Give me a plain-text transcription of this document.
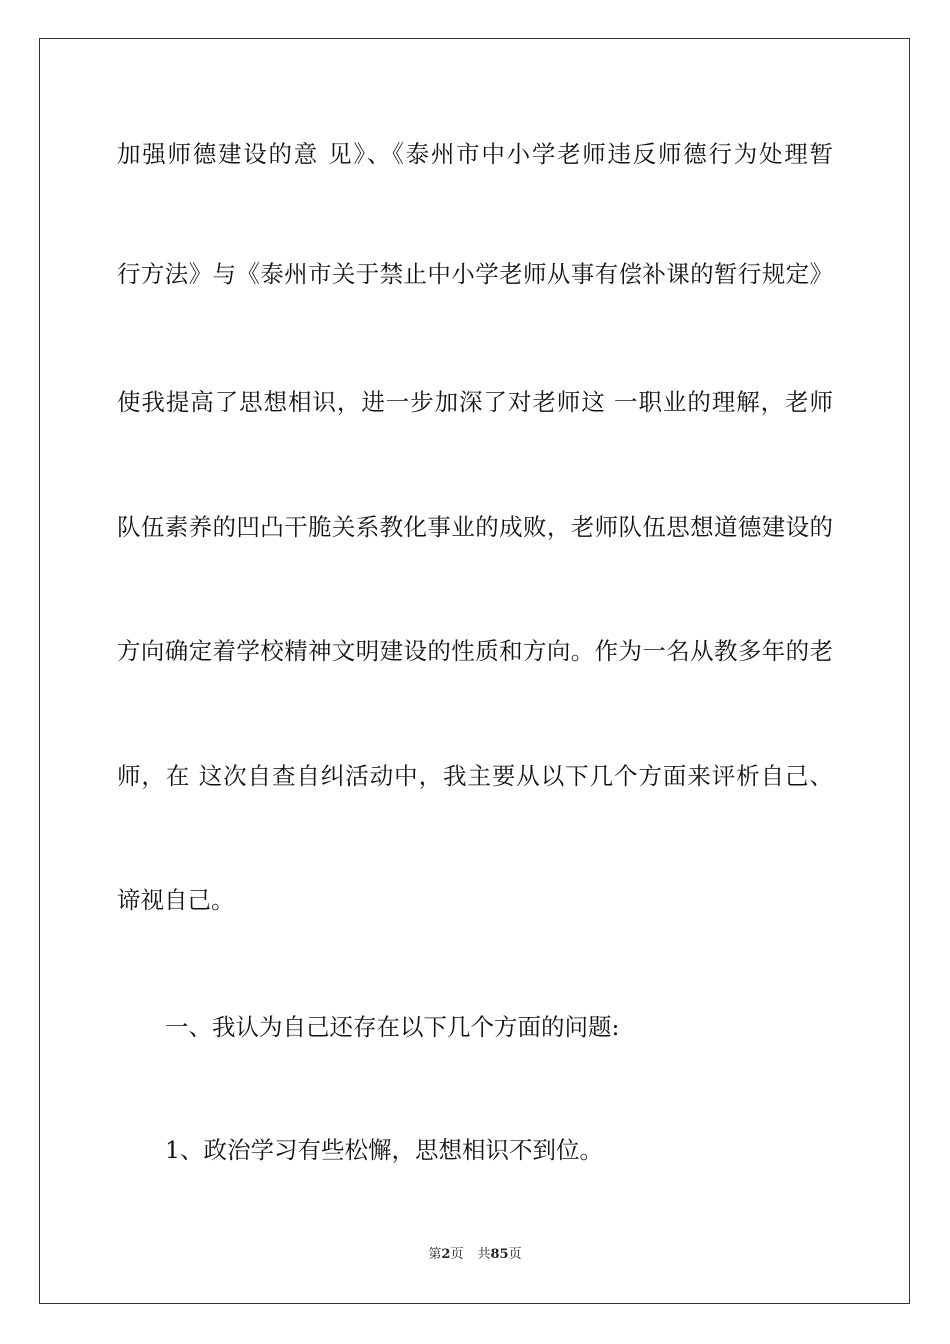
加强师德建设的意 见》、《泰州市中小学老师违反师德行为处理暂
行方法》与《泰州市关于禁止中小学老师从事有偿补课的暂行规定》
使我提高了思想相识，进一步加深了对老师这 一职业的理解，老师
队伍素养的凹凸干脆关系教化事业的成败，老师队伍思想道德建设的
方向确定着学校精神文明建设的性质和方向。作为一名从教多年的老
师，在 这次自查自纠活动中，我主要从以下几个方面来评析自己、
谛视自己。
一、我认为自己还存在以下几个方面的问题:
1、政治学习有些松懈，思想相识不到位。
第2页 共85页
